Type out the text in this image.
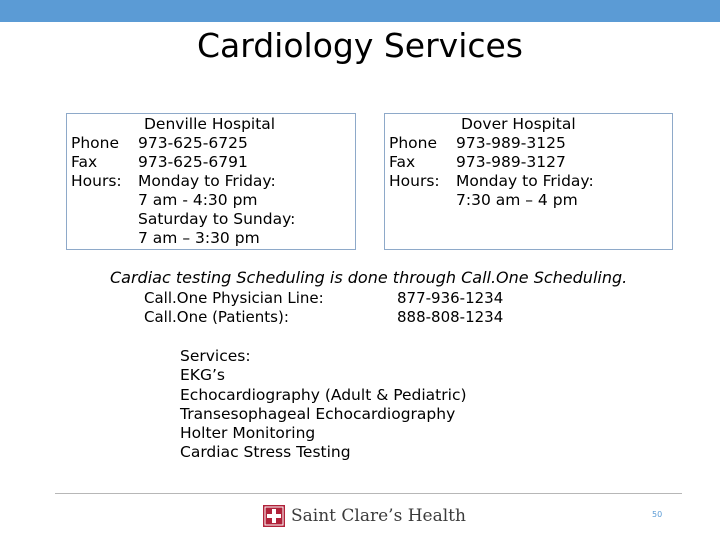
Cardiology Services
Denville Hospital
Phone 973-625-6725
Fax	973-625-6791
Hours: Monday to Friday:
7 am - 4:30 pm
Saturday to Sunday:
7 am – 3:30 pm
Dover Hospital
Phone 973-989-3125
Fax	973-989-3127
Hours: Monday to Friday:
7:30 am – 4 pm
Cardiac testing Scheduling is done through Call.One Scheduling.
Call.One Physician Line:	877-936-1234
Call.One (Patients):	888-808-1234
Services:
EKG’s
Echocardiography (Adult & Pediatric)
Transesophageal Echocardiography
Holter Monitoring
Cardiac Stress Testing
Saint Clare’s Health	50
